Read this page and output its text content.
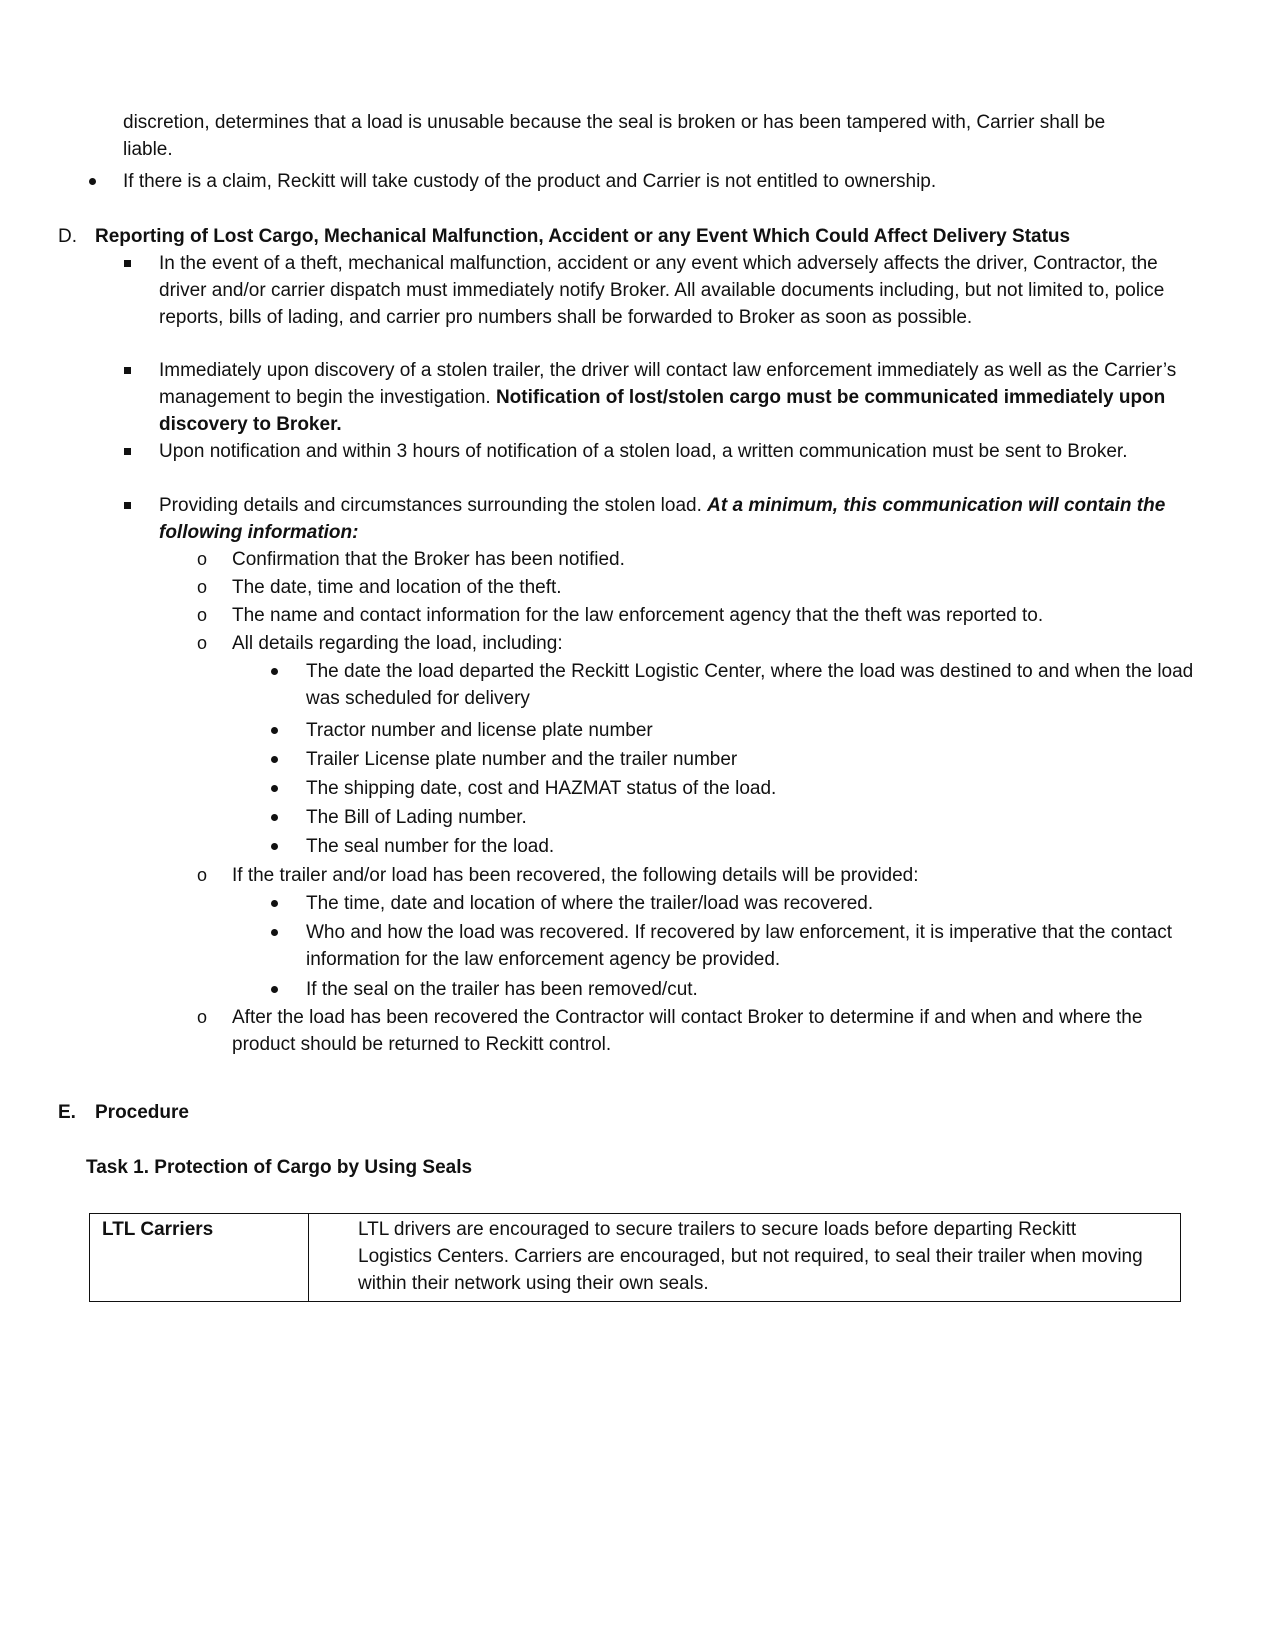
discretion, determines that a load is unusable because the seal is broken or has been tampered with, Carrier shall be
liable.
If there is a claim, Reckitt will take custody of the product and Carrier is not entitled to ownership.
D. Reporting of Lost Cargo, Mechanical Malfunction, Accident or any Event Which Could Affect Delivery Status
In the event of a theft, mechanical malfunction, accident or any event which adversely affects the driver, Contractor, the driver and/or carrier dispatch must immediately notify Broker. All available documents including, but not limited to, police reports, bills of lading, and carrier pro numbers shall be forwarded to Broker as soon as possible.
Immediately upon discovery of a stolen trailer, the driver will contact law enforcement immediately as well as the Carrier’s management to begin the investigation. Notification of lost/stolen cargo must be communicated immediately upon discovery to Broker.
Upon notification and within 3 hours of notification of a stolen load, a written communication must be sent to Broker.
Providing details and circumstances surrounding the stolen load. At a minimum, this communication will contain the following information:
o Confirmation that the Broker has been notified.
o The date, time and location of the theft.
o The name and contact information for the law enforcement agency that the theft was reported to.
o All details regarding the load, including:
The date the load departed the Reckitt Logistic Center, where the load was destined to and when the load was scheduled for delivery
Tractor number and license plate number
Trailer License plate number and the trailer number
The shipping date, cost and HAZMAT status of the load.
The Bill of Lading number.
The seal number for the load.
o If the trailer and/or load has been recovered, the following details will be provided:
The time, date and location of where the trailer/load was recovered.
Who and how the load was recovered. If recovered by law enforcement, it is imperative that the contact information for the law enforcement agency be provided.
If the seal on the trailer has been removed/cut.
o After the load has been recovered the Contractor will contact Broker to determine if and when and where the product should be returned to Reckitt control.
E. Procedure
Task 1. Protection of Cargo by Using Seals
LTL Carriers	LTL drivers are encouraged to secure trailers to secure loads before departing Reckitt Logistics Centers. Carriers are encouraged, but not required, to seal their trailer when moving within their network using their own seals.
